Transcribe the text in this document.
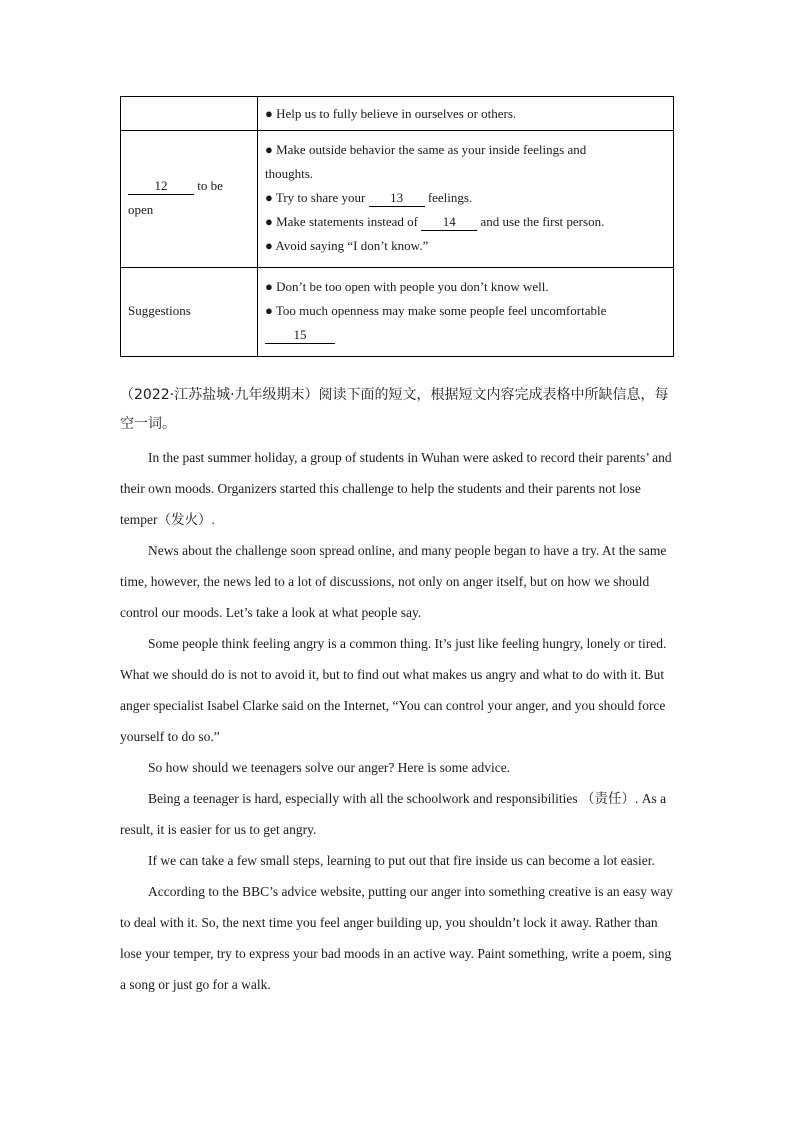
	● Help us to fully believe in ourselves or others.

12 to be
open	● Make outside behavior the same as your inside feelings and
thoughts.
● Try to share your 13 feelings.
● Make statements instead of 14 and use the first person.
● Avoid saying “I don’t know.”

Suggestions	● Don’t be too open with people you don’t know well.
● Too much openness may make some people feel uncomfortable
15
（2022·江苏盐城·九年级期末）阅读下面的短文，根据短文内容完成表格中所缺信息，每空一词。

In the past summer holiday, a group of students in Wuhan were asked to record their parents’ and their own moods. Organizers started this challenge to help the students and their parents not lose temper（发火）.

News about the challenge soon spread online, and many people began to have a try. At the same time, however, the news led to a lot of discussions, not only on anger itself, but on how we should control our moods. Let’s take a look at what people say.

Some people think feeling angry is a common thing. It’s just like feeling hungry, lonely or tired. What we should do is not to avoid it, but to find out what makes us angry and what to do with it. But anger specialist Isabel Clarke said on the Internet, “You can control your anger, and you should force yourself to do so.”

So how should we teenagers solve our anger? Here is some advice.

Being a teenager is hard, especially with all the schoolwork and responsibilities （责任）. As a result, it is easier for us to get angry.

If we can take a few small steps, learning to put out that fire inside us can become a lot easier.

According to the BBC’s advice website, putting our anger into something creative is an easy way to deal with it. So, the next time you feel anger building up, you shouldn’t lock it away. Rather than lose your temper, try to express your bad moods in an active way. Paint something, write a poem, sing a song or just go for a walk.
